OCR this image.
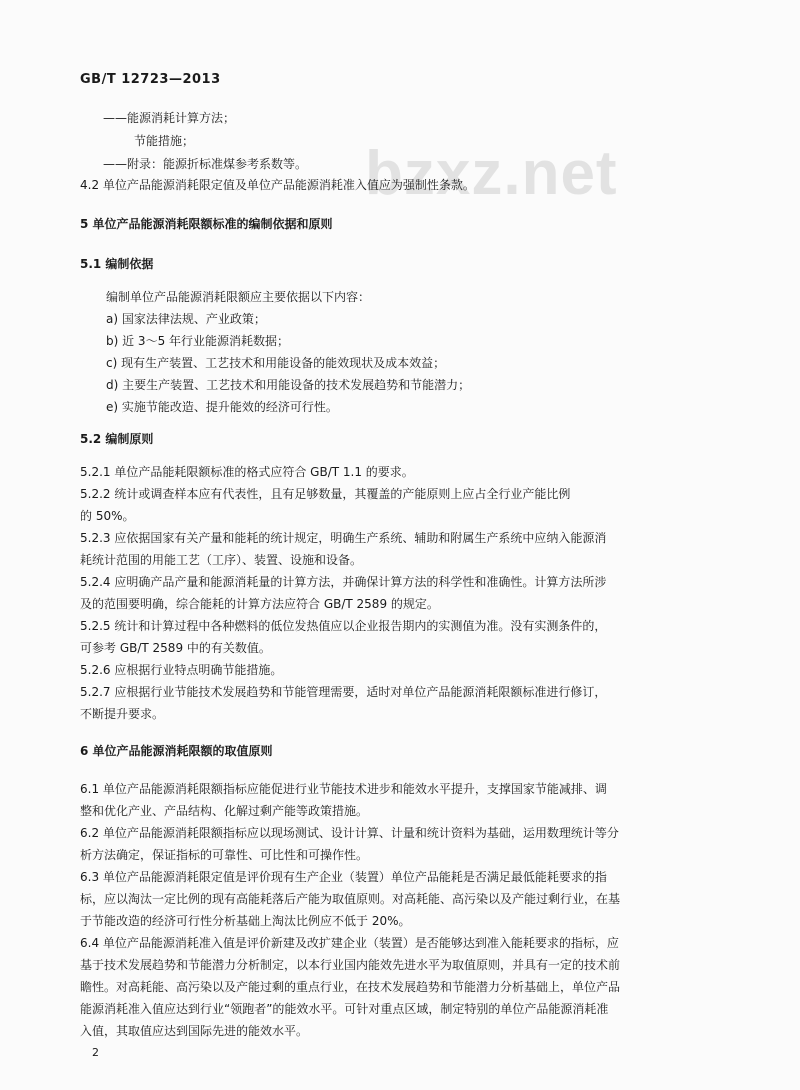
GB/T 12723—2013
bzxz.net
——能源消耗计算方法；
节能措施；
——附录：能源折标准煤参考系数等。
4.2 单位产品能源消耗限定值及单位产品能源消耗准入值应为强制性条款。
5 单位产品能源消耗限额标准的编制依据和原则
5.1 编制依据
编制单位产品能源消耗限额应主要依据以下内容：
a) 国家法律法规、产业政策；
b) 近 3～5 年行业能源消耗数据；
c) 现有生产装置、工艺技术和用能设备的能效现状及成本效益；
d) 主要生产装置、工艺技术和用能设备的技术发展趋势和节能潜力；
e) 实施节能改造、提升能效的经济可行性。
5.2 编制原则
5.2.1 单位产品能耗限额标准的格式应符合 GB/T 1.1 的要求。
5.2.2 统计或调查样本应有代表性，且有足够数量，其覆盖的产能原则上应占全行业产能比例
的 50%。
5.2.3 应依据国家有关产量和能耗的统计规定，明确生产系统、辅助和附属生产系统中应纳入能源消
耗统计范围的用能工艺（工序）、装置、设施和设备。
5.2.4 应明确产品产量和能源消耗量的计算方法，并确保计算方法的科学性和准确性。计算方法所涉
及的范围要明确，综合能耗的计算方法应符合 GB/T 2589 的规定。
5.2.5 统计和计算过程中各种燃料的低位发热值应以企业报告期内的实测值为准。没有实测条件的，
可参考 GB/T 2589 中的有关数值。
5.2.6 应根据行业特点明确节能措施。
5.2.7 应根据行业节能技术发展趋势和节能管理需要，适时对单位产品能源消耗限额标准进行修订，
不断提升要求。
6 单位产品能源消耗限额的取值原则
6.1 单位产品能源消耗限额指标应能促进行业节能技术进步和能效水平提升，支撑国家节能减排、调
整和优化产业、产品结构、化解过剩产能等政策措施。
6.2 单位产品能源消耗限额指标应以现场测试、设计计算、计量和统计资料为基础，运用数理统计等分
析方法确定，保证指标的可靠性、可比性和可操作性。
6.3 单位产品能源消耗限定值是评价现有生产企业（装置）单位产品能耗是否满足最低能耗要求的指
标，应以淘汰一定比例的现有高能耗落后产能为取值原则。对高耗能、高污染以及产能过剩行业，在基
于节能改造的经济可行性分析基础上淘汰比例应不低于 20%。
6.4 单位产品能源消耗准入值是评价新建及改扩建企业（装置）是否能够达到准入能耗要求的指标，应
基于技术发展趋势和节能潜力分析制定，以本行业国内能效先进水平为取值原则，并具有一定的技术前
瞻性。对高耗能、高污染以及产能过剩的重点行业，在技术发展趋势和节能潜力分析基础上，单位产品
能源消耗准入值应达到行业“领跑者”的能效水平。可针对重点区域，制定特别的单位产品能源消耗准
入值，其取值应达到国际先进的能效水平。
2
